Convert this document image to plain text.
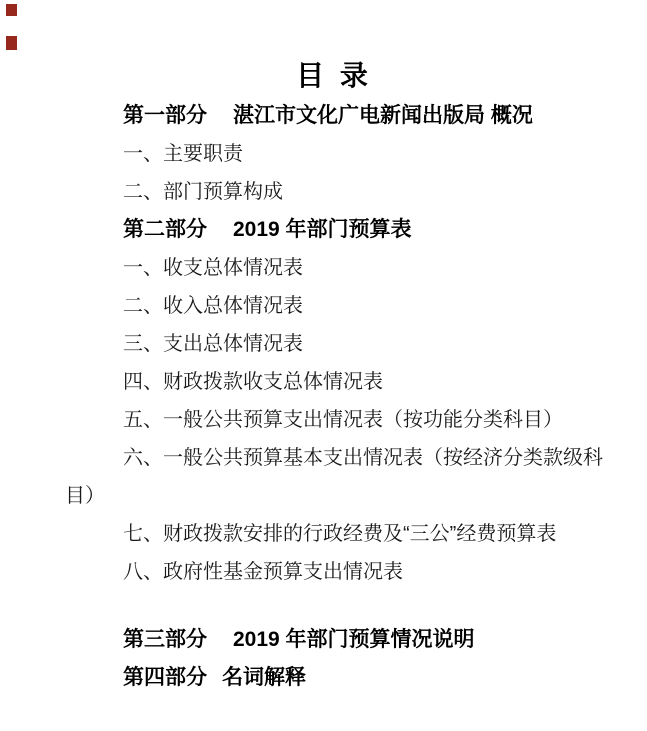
目 录
第一部分 湛江市文化广电新闻出版局 概况
一、主要职责
二、部门预算构成
第二部分 2019 年部门预算表
一、收支总体情况表
二、收入总体情况表
三、支出总体情况表
四、财政拨款收支总体情况表
五、一般公共预算支出情况表（按功能分类科目）
六、一般公共预算基本支出情况表（按经济分类款级科
目）
七、财政拨款安排的行政经费及“三公”经费预算表
八、政府性基金预算支出情况表
第三部分 2019 年部门预算情况说明
第四部分 名词解释
